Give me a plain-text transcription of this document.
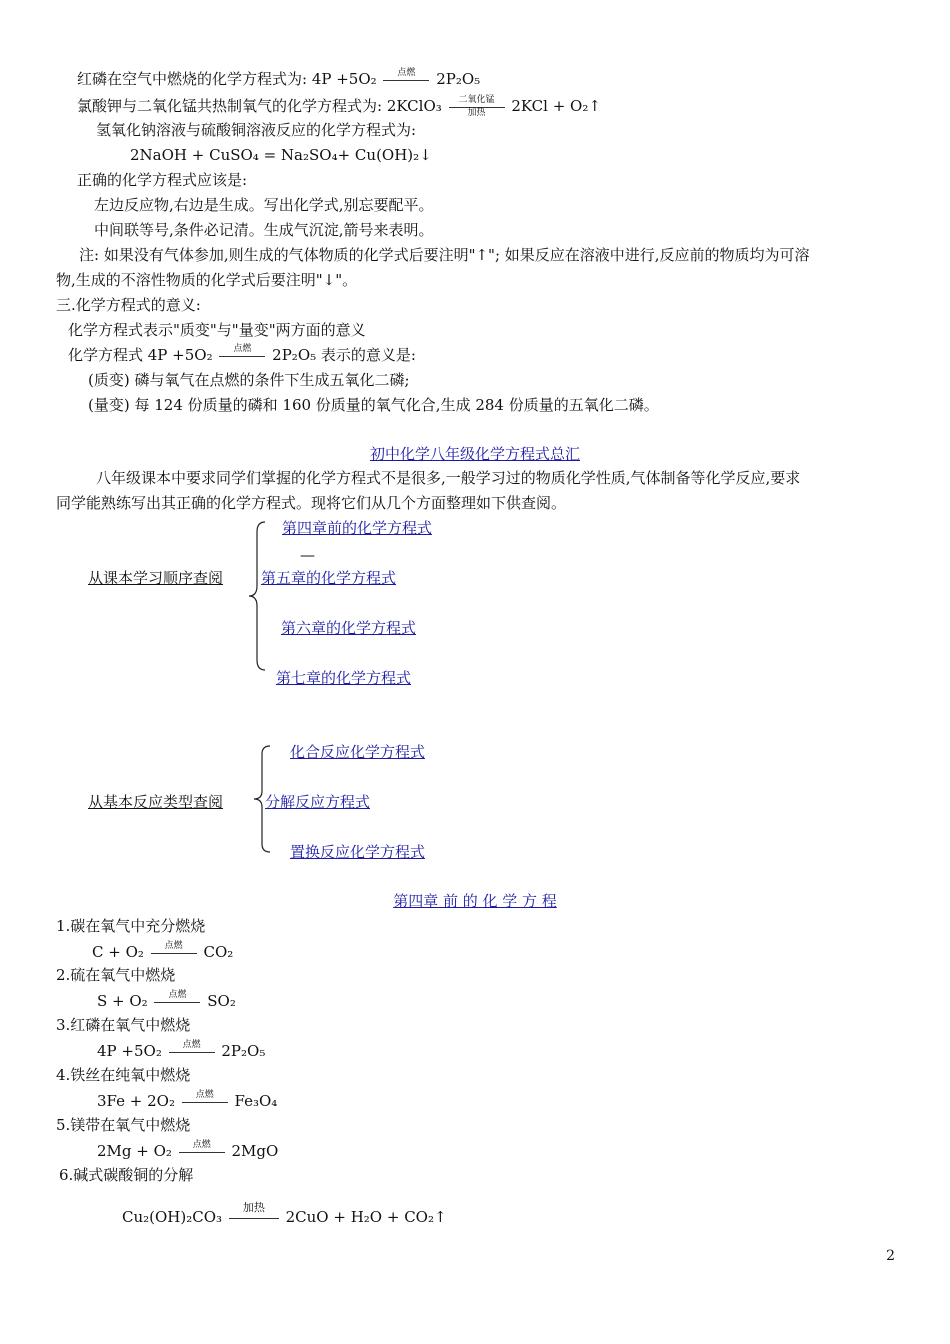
红磷在空气中燃烧的化学方程式为: 4P +5O₂	点燃	2P₂O₅
氯酸钾与二氧化锰共热制氧气的化学方程式为: 2KClO₃	二氧化锰
加热	2KCl + O₂↑
氢氧化钠溶液与硫酸铜溶液反应的化学方程式为:
2NaOH + CuSO₄ = Na₂SO₄+ Cu(OH)₂↓
正确的化学方程式应该是:
左边反应物,右边是生成。写出化学式,别忘要配平。
中间联等号,条件必记清。生成气沉淀,箭号来表明。
注: 如果没有气体参加,则生成的气体物质的化学式后要注明"↑"; 如果反应在溶液中进行,反应前的物质均为可溶
物,生成的不溶性物质的化学式后要注明"↓"。
三.化学方程式的意义:
化学方程式表示"质变"与"量变"两方面的意义
化学方程式 4P +5O₂	点燃	2P₂O₅ 表示的意义是:
(质变) 磷与氧气在点燃的条件下生成五氧化二磷;
(量变) 每 124 份质量的磷和 160 份质量的氧气化合,生成 284 份质量的五氧化二磷。
初中化学八年级化学方程式总汇
八年级课本中要求同学们掌握的化学方程式不是很多,一般学习过的物质化学性质,气体制备等化学反应,要求
同学能熟练写出其正确的化学方程式。现将它们从几个方面整理如下供查阅。
从课本学习顺序查阅
第四章前的化学方程式
—
第五章的化学方程式
第六章的化学方程式
第七章的化学方程式
从基本反应类型查阅
化合反应化学方程式
分解反应方程式
置换反应化学方程式
第四章 前 的 化 学 方 程
1.碳在氧气中充分燃烧
C + O₂	点燃	CO₂
2.硫在氧气中燃烧
S + O₂	点燃	SO₂
3.红磷在氧气中燃烧
4P +5O₂	点燃	2P₂O₅
4.铁丝在纯氧中燃烧
3Fe + 2O₂	点燃	Fe₃O₄
5.镁带在氧气中燃烧
2Mg + O₂	点燃	2MgO
6.碱式碳酸铜的分解
Cu₂(OH)₂CO₃
加热
2CuO + H₂O + CO₂↑
2
